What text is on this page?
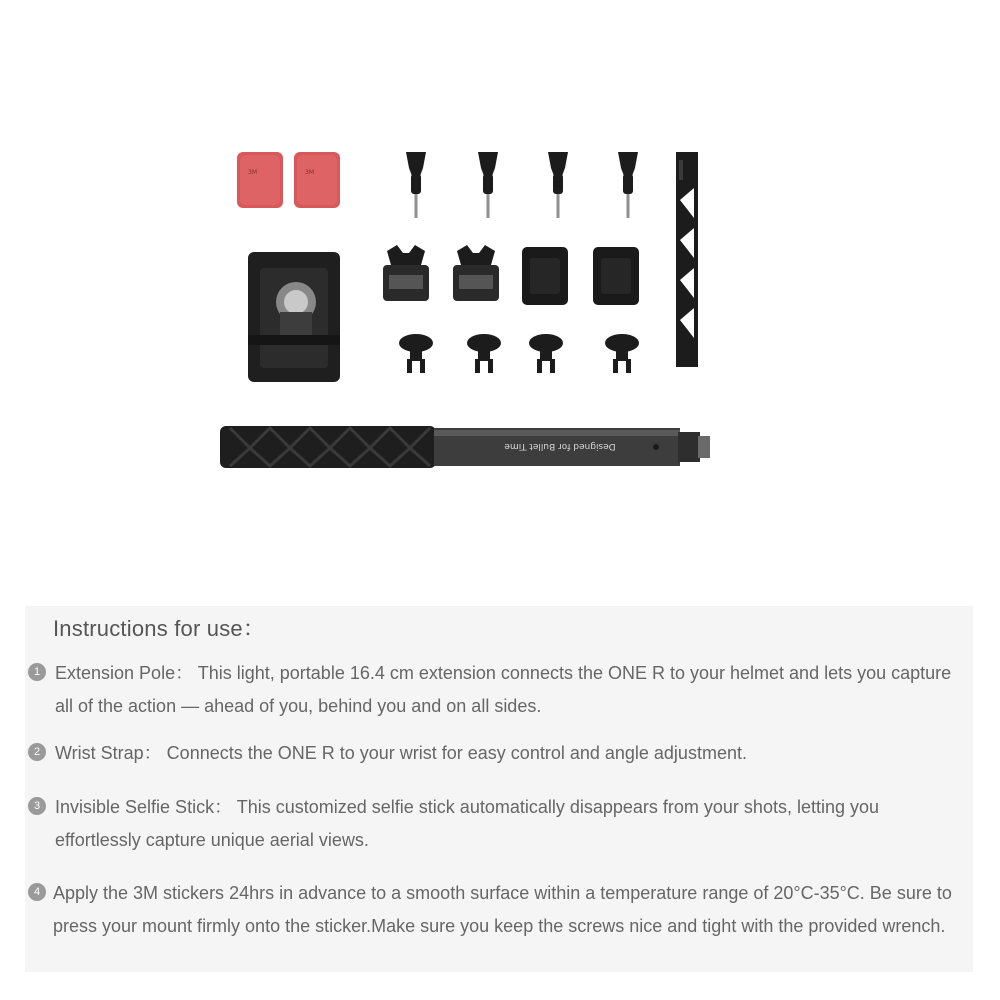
3M	3M
Designed for Bullet Time
Instructions for use：
1 Extension Pole： This light, portable 16.4 cm extension connects the ONE R to your helmet and lets you capture all of the action — ahead of you, behind you and on all sides.
2 Wrist Strap： Connects the ONE R to your wrist for easy control and angle adjustment.
3 Invisible Selfie Stick： This customized selfie stick automatically disappears from your shots, letting you effortlessly capture unique aerial views.
4 Apply the 3M stickers 24hrs in advance to a smooth surface within a temperature range of 20°C-35°C. Be sure to press your mount firmly onto the sticker.Make sure you keep the screws nice and tight with the provided wrench.
